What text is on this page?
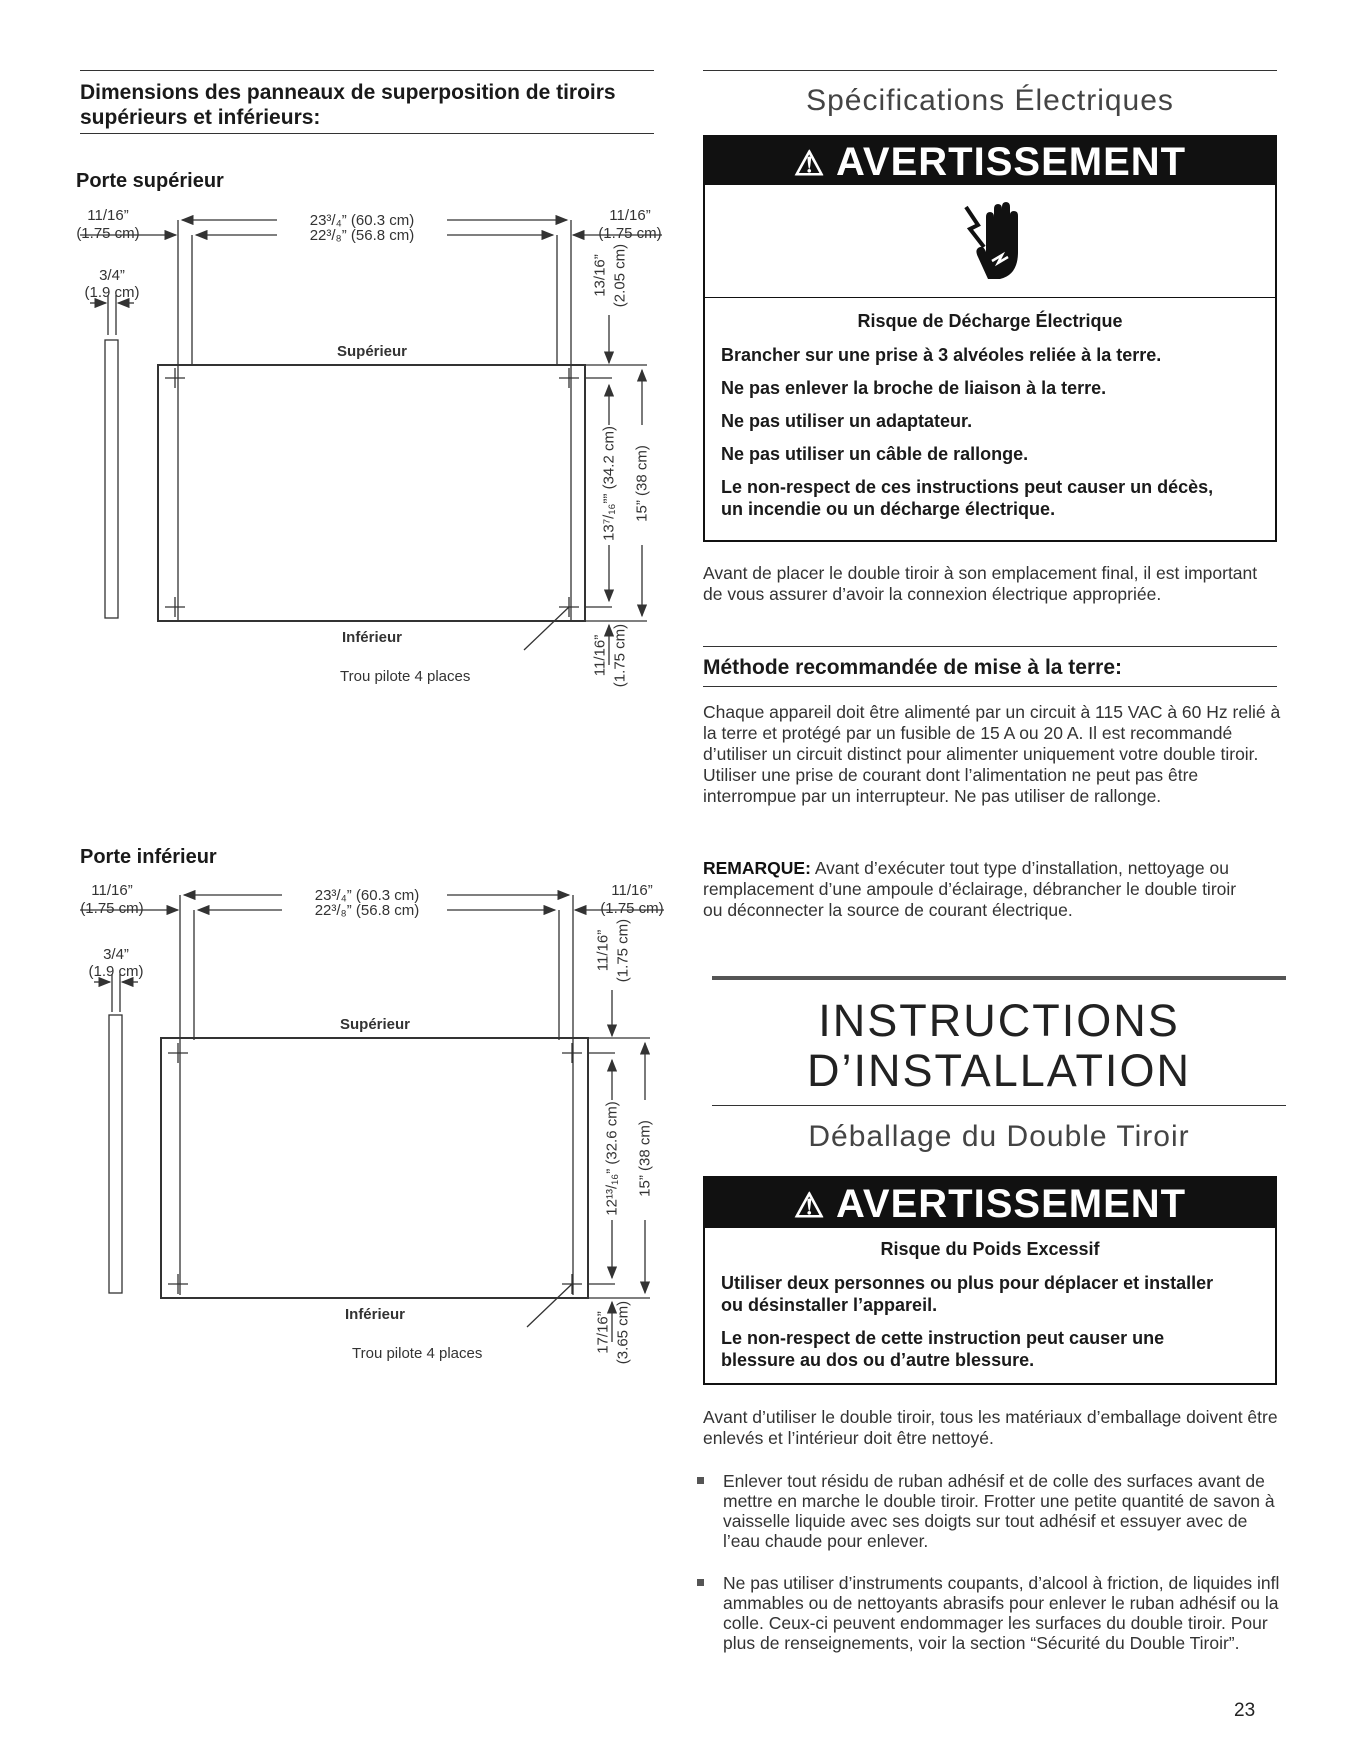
Dimensions des panneaux de superposition de tiroirs supérieurs et inférieurs:
Porte supérieur
11/16”
(1.75 cm)
23³/₄” (60.3 cm)
22³/₈” (56.8 cm)
11/16”
(1.75 cm)
3/4”
(1.9 cm)
Supérieur
Inférieur
Trou pilote 4 places
13/16” (2.05 cm)
13⁷/₁₆”” (34.2 cm) 15” (38 cm)
11/16” (1.75 cm)
Porte inférieur
11/16”
(1.75 cm)
23³/₄” (60.3 cm)
22³/₈” (56.8 cm)
11/16”
(1.75 cm)
3/4”
(1.9 cm)
Supérieur
Inférieur
Trou pilote 4 places
11/16” (1.75 cm)
12¹³/₁₆” (32.6 cm) 15” (38 cm)
17/16” (3.65 cm)
Spécifications Électriques
⚠ AVERTISSEMENT
Risque de Décharge Électrique
Brancher sur une prise à 3 alvéoles reliée à la terre.
Ne pas enlever la broche de liaison à la terre.
Ne pas utiliser un adaptateur.
Ne pas utiliser un câble de rallonge.
Le non-respect de ces instructions peut causer un décès, un incendie ou un décharge électrique.
Avant de placer le double tiroir à son emplacement final, il est important de vous assurer d’avoir la connexion électrique appropriée.
Méthode recommandée de mise à la terre:
Chaque appareil doit être alimenté par un circuit à 115 VAC à 60 Hz relié à la terre et protégé par un fusible de 15 A ou 20 A. Il est recommandé d’utiliser un circuit distinct pour alimenter uniquement votre double tiroir. Utiliser une prise de courant dont l’alimentation ne peut pas être interrompue par un interrupteur. Ne pas utiliser de rallonge.
REMARQUE: Avant d’exécuter tout type d’installation, nettoyage ou remplacement d’une ampoule d’éclairage, débrancher le double tiroir ou déconnecter la source de courant électrique.
INSTRUCTIONS
D’INSTALLATION
Déballage du Double Tiroir
⚠ AVERTISSEMENT
Risque du Poids Excessif
Utiliser deux personnes ou plus pour déplacer et installer ou désinstaller l’appareil.
Le non-respect de cette instruction peut causer une blessure au dos ou d’autre blessure.
Avant d’utiliser le double tiroir, tous les matériaux d’emballage doivent être enlevés et l’intérieur doit être nettoyé.
Enlever tout résidu de ruban adhésif et de colle des surfaces avant de mettre en marche le double tiroir. Frotter une petite quantité de savon à vaisselle liquide avec ses doigts sur tout adhésif et essuyer avec de l’eau chaude pour enlever.
Ne pas utiliser d’instruments coupants, d’alcool à friction, de liquides infl ammables ou de nettoyants abrasifs pour enlever le ruban adhésif ou la colle. Ceux-ci peuvent endommager les surfaces du double tiroir. Pour plus de renseignements, voir la section “Sécurité du Double Tiroir”.
23
